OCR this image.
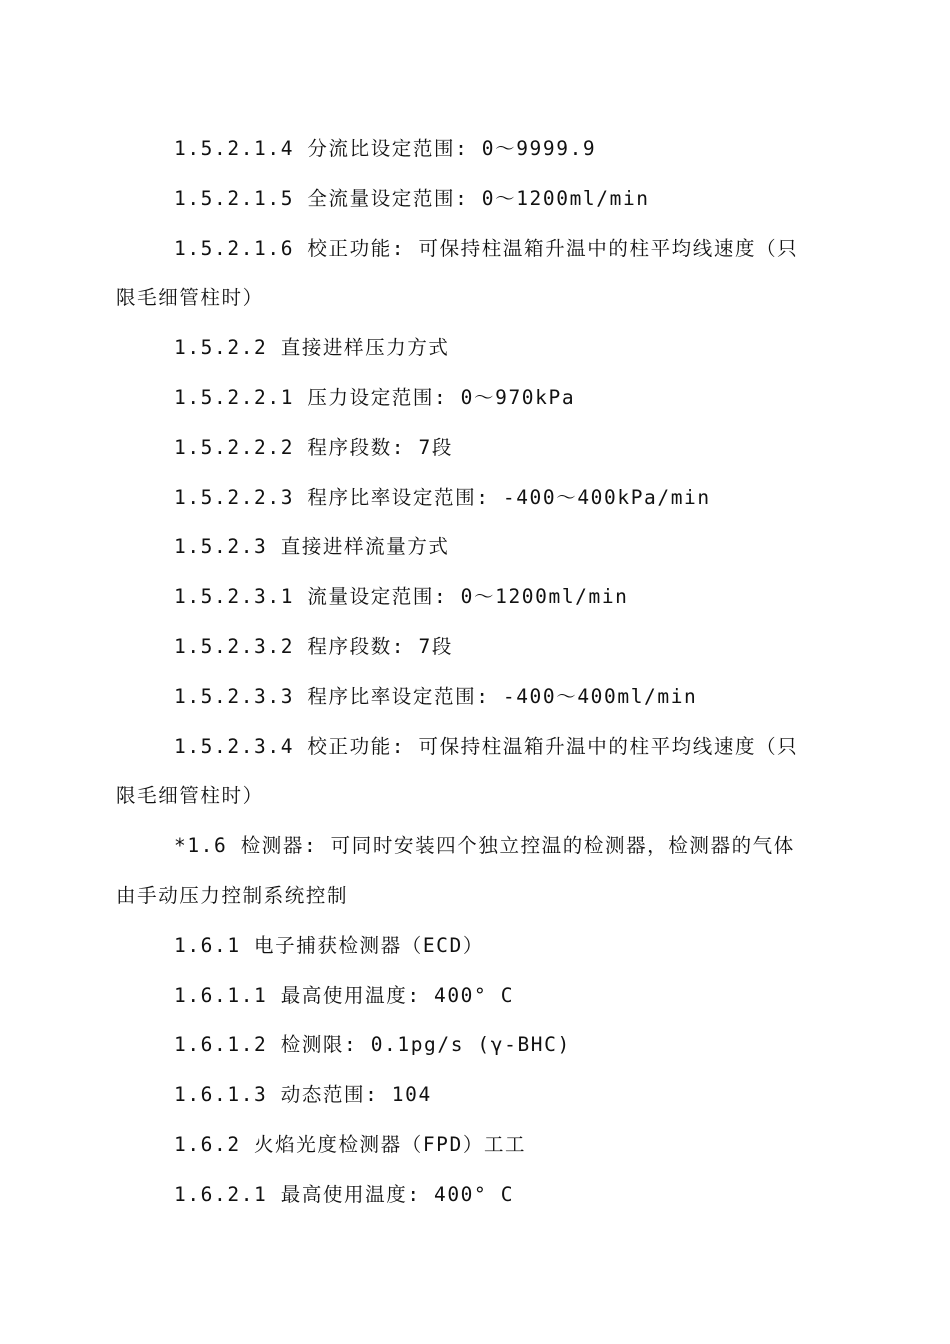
1.5.2.1.4 分流比设定范围: 0～9999.9
1.5.2.1.5 全流量设定范围: 0～1200ml/min
1.5.2.1.6 校正功能: 可保持柱温箱升温中的柱平均线速度（只
限毛细管柱时）
1.5.2.2 直接进样压力方式
1.5.2.2.1 压力设定范围: 0～970kPa
1.5.2.2.2 程序段数: 7段
1.5.2.2.3 程序比率设定范围: -400～400kPa/min
1.5.2.3 直接进样流量方式
1.5.2.3.1 流量设定范围: 0～1200ml/min
1.5.2.3.2 程序段数: 7段
1.5.2.3.3 程序比率设定范围: -400～400ml/min
1.5.2.3.4 校正功能: 可保持柱温箱升温中的柱平均线速度（只
限毛细管柱时）
*1.6 检测器: 可同时安装四个独立控温的检测器，检测器的气体
由手动压力控制系统控制
1.6.1 电子捕获检测器（ECD）
1.6.1.1 最高使用温度: 400° C
1.6.1.2 检测限: 0.1pg/s (γ-BHC)
1.6.1.3 动态范围: 104
1.6.2 火焰光度检测器（FPD）工工
1.6.2.1 最高使用温度: 400° C
